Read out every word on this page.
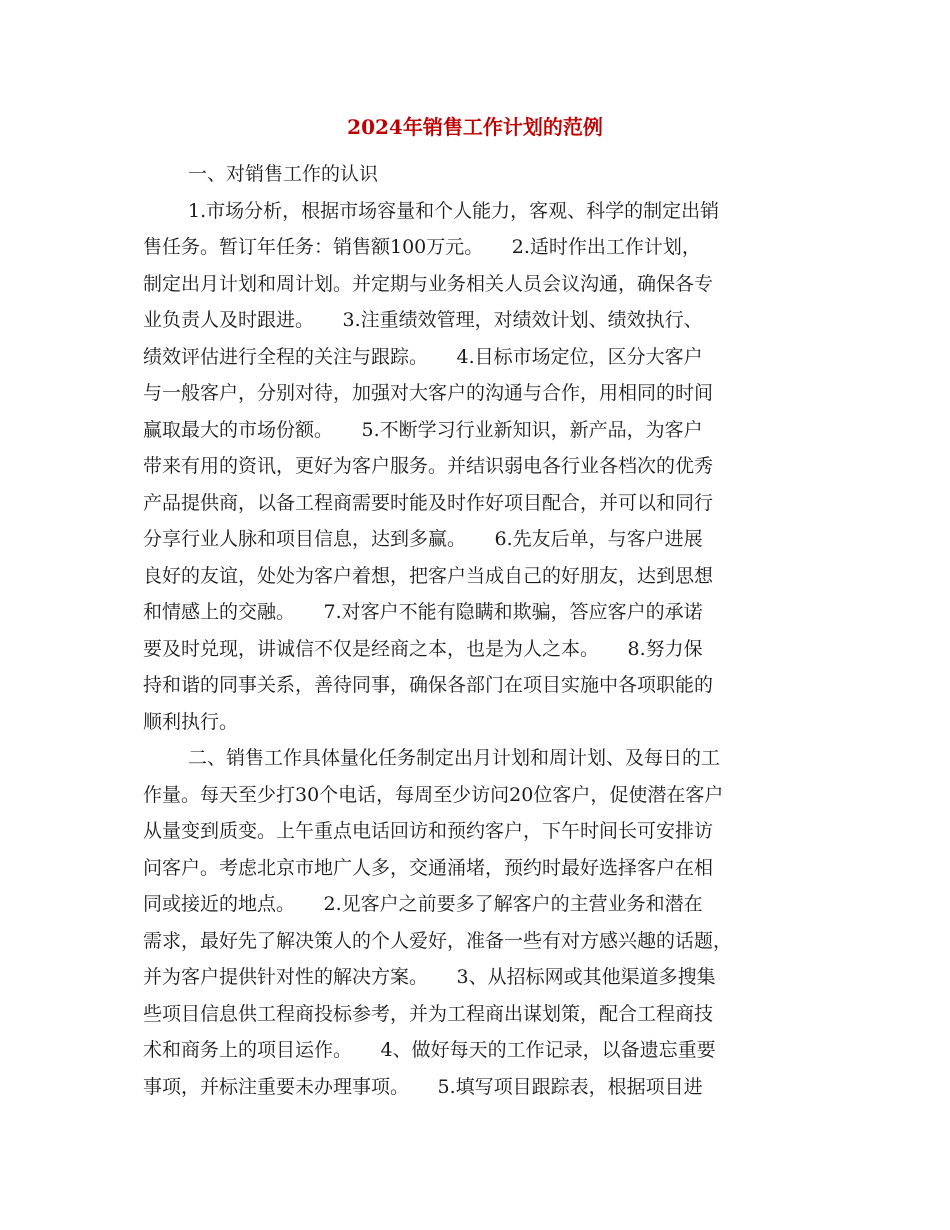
2024年销售工作计划的范例
一、对销售工作的认识
1.市场分析，根据市场容量和个人能力，客观、科学的制定出销
售任务。暂订年任务：销售额100万元。　　2.适时作出工作计划，
制定出月计划和周计划。并定期与业务相关人员会议沟通，确保各专
业负责人及时跟进。　　3.注重绩效管理，对绩效计划、绩效执行、
绩效评估进行全程的关注与跟踪。　　4.目标市场定位，区分大客户
与一般客户，分别对待，加强对大客户的沟通与合作，用相同的时间
赢取最大的市场份额。　　5.不断学习行业新知识，新产品，为客户
带来有用的资讯，更好为客户服务。并结识弱电各行业各档次的优秀
产品提供商，以备工程商需要时能及时作好项目配合，并可以和同行
分享行业人脉和项目信息，达到多赢。　　6.先友后单，与客户进展
良好的友谊，处处为客户着想，把客户当成自己的好朋友，达到思想
和情感上的交融。　　7.对客户不能有隐瞒和欺骗，答应客户的承诺
要及时兑现，讲诚信不仅是经商之本，也是为人之本。　　8.努力保
持和谐的同事关系，善待同事，确保各部门在项目实施中各项职能的
顺利执行。
二、销售工作具体量化任务制定出月计划和周计划、及每日的工
作量。每天至少打30个电话，每周至少访问20位客户，促使潜在客户
从量变到质变。上午重点电话回访和预约客户，下午时间长可安排访
问客户。考虑北京市地广人多，交通涌堵，预约时最好选择客户在相
同或接近的地点。　　2.见客户之前要多了解客户的主营业务和潜在
需求，最好先了解决策人的个人爱好，准备一些有对方感兴趣的话题，
并为客户提供针对性的解决方案。　　3、从招标网或其他渠道多搜集
些项目信息供工程商投标参考，并为工程商出谋划策，配合工程商技
术和商务上的项目运作。　　4、做好每天的工作记录，以备遗忘重要
事项，并标注重要未办理事项。　　5.填写项目跟踪表，根据项目进
